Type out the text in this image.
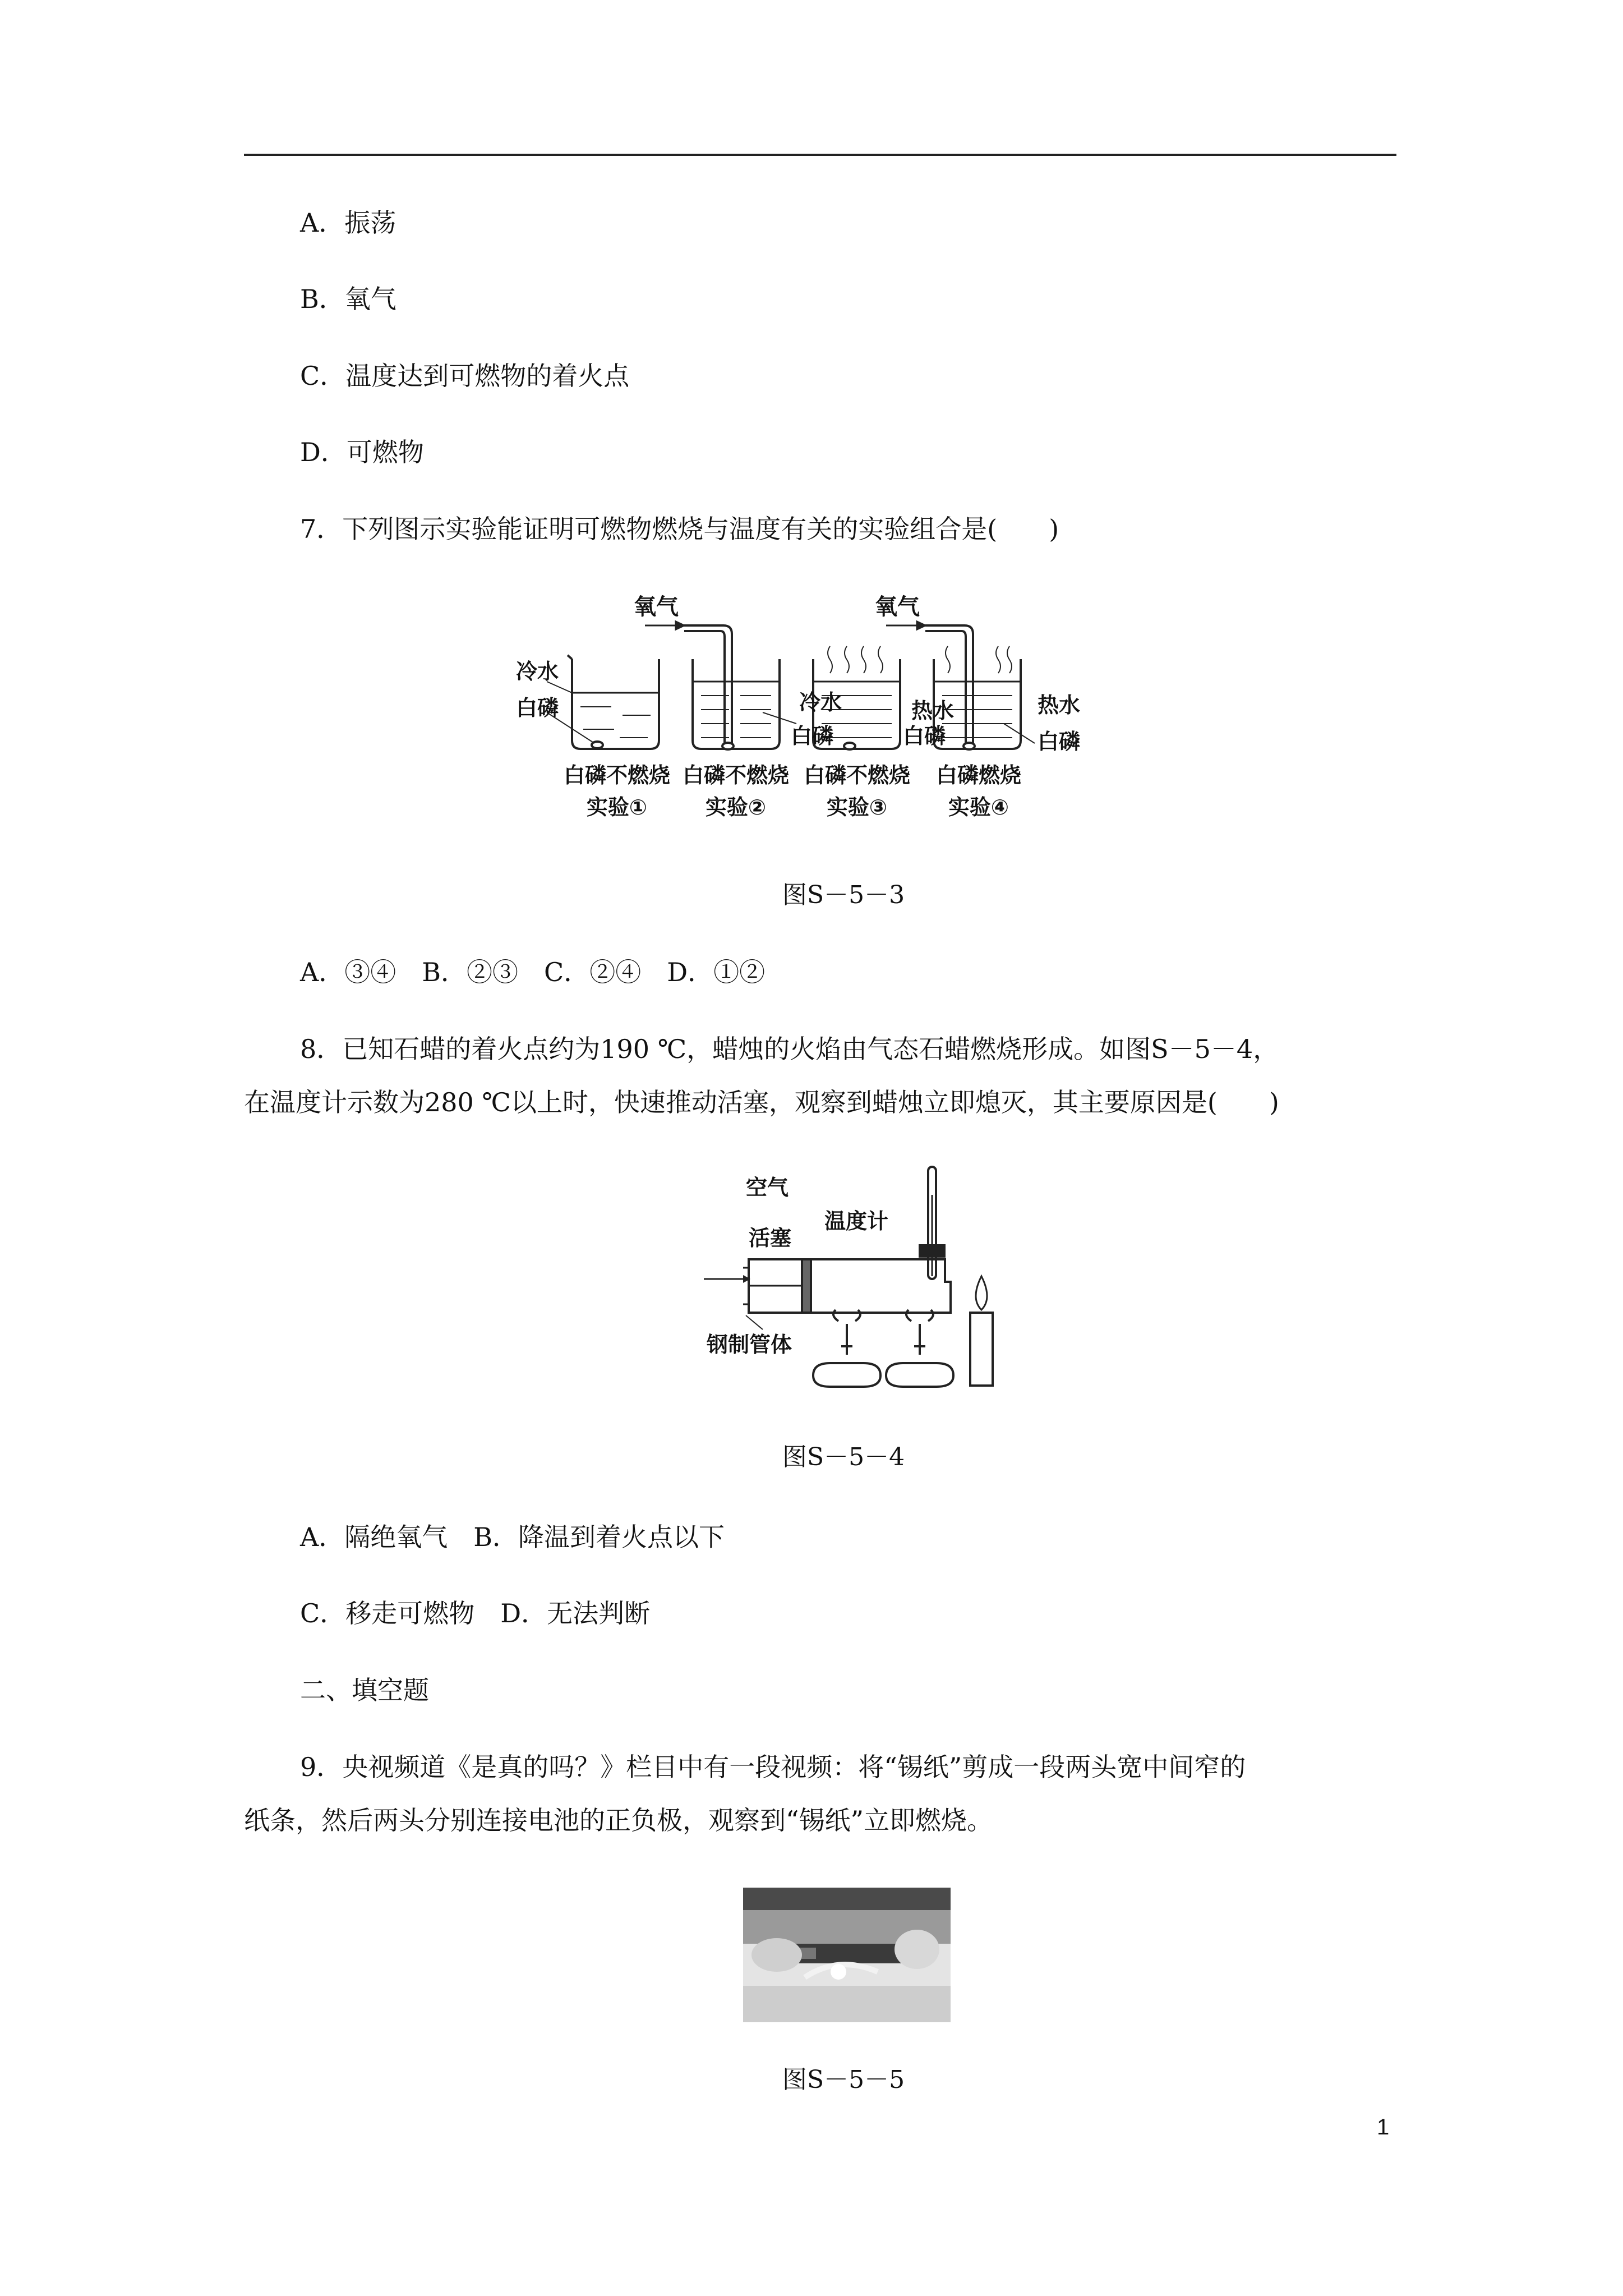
A．振荡
B．氧气
C．温度达到可燃物的着火点
D．可燃物
7．下列图示实验能证明可燃物燃烧与温度有关的实验组合是(　　)
氧气	氧气
冷水
白磷	冷水
白磷
热水
白磷
热水
白磷
白磷不燃烧
实验①
白磷不燃烧
实验②
白磷不燃烧
实验③
白磷燃烧
实验④
图S－5－3
A．③④　B．②③　C．②④　D．①②
8．已知石蜡的着火点约为190 ℃，蜡烛的火焰由气态石蜡燃烧形成。如图S－5－4，
在温度计示数为280 ℃以上时，快速推动活塞，观察到蜡烛立即熄灭，其主要原因是(　　)
空气
温度计
活塞
钢制管体
图S－5－4
A．隔绝氧气　B．降温到着火点以下
C．移走可燃物　D．无法判断
二、填空题
9．央视频道《是真的吗？》栏目中有一段视频：将“锡纸”剪成一段两头宽中间窄的
纸条，然后两头分别连接电池的正负极，观察到“锡纸”立即燃烧。
图S－5－5
1
